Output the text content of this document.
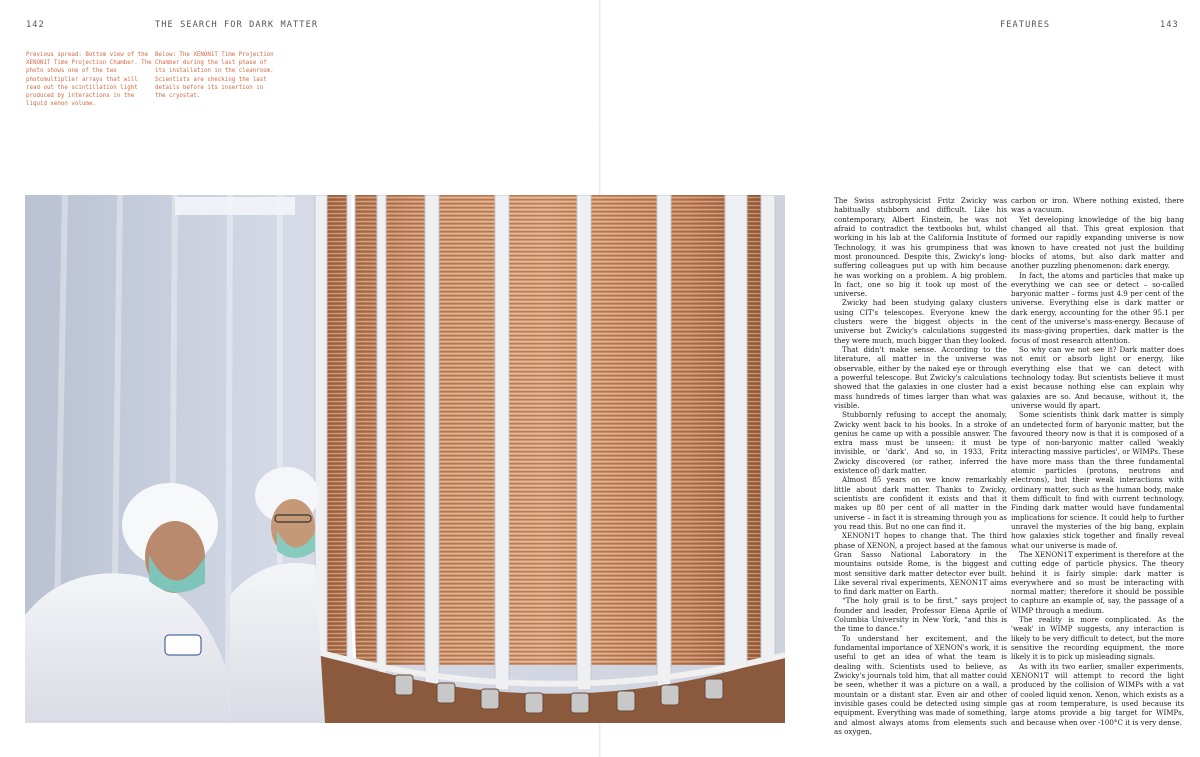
142	THE SEARCH FOR DARK MATTER
Previous spread: Bottom view of the XENON1T Time Projection Chamber. The photo shows one of the two photomultiplier arrays that will read out the scintillation light produced by interactions in the liquid xenon volume.
Below: The XENON1T Time Projection Chamber during the last phase of its installation in the cleanroom. Scientists are checking the last details before its insertion in the cryostat.
FEATURES	143

The Swiss astrophysicist Fritz Zwicky was habitually stubborn and difficult. Like his contemporary, Albert Einstein, he was not afraid to contradict the textbooks but, whilst working in his lab at the California Institute of Technology, it was his grumpiness that was most pronounced. Despite this, Zwicky's long-suffering colleagues put up with him because he was working on a problem. A big problem. In fact, one so big it took up most of the universe.

Zwicky had been studying galaxy clusters using CIT's telescopes. Everyone knew the clusters were the biggest objects in the universe but Zwicky's calculations suggested they were much, much bigger than they looked.

That didn't make sense. According to the literature, all matter in the universe was observable, either by the naked eye or through a powerful telescope. But Zwicky's calculations showed that the galaxies in one cluster had a mass hundreds of times larger than what was visible.

Stubbornly refusing to accept the anomaly, Zwicky went back to his books. In a stroke of genius he came up with a possible answer. The extra mass must be unseen: it must be invisible, or 'dark'. And so, in 1933, Fritz Zwicky discovered (or rather, inferred the existence of) dark matter.

Almost 85 years on we know remarkably little about dark matter. Thanks to Zwicky, scientists are confident it exists and that it makes up 80 per cent of all matter in the universe – in fact it is streaming through you as you read this. But no one can find it.

XENON1T hopes to change that. The third phase of XENON, a project based at the famous Gran Sasso National Laboratory in the mountains outside Rome, is the biggest and most sensitive dark matter detector ever built. Like several rival experiments, XENON1T aims to find dark matter on Earth.

“The holy grail is to be first,” says project founder and leader, Professor Elena Aprile of Columbia University in New York, “and this is the time to dance.”

To understand her excitement, and the fundamental importance of XENON's work, it is useful to get an idea of what the team is dealing with. Scientists used to believe, as Zwicky's journals told him, that all matter could be seen, whether it was a picture on a wall, a mountain or a distant star. Even air and other invisible gases could be detected using simple equipment. Everything was made of something, and almost always atoms from elements such as oxygen,

carbon or iron. Where nothing existed, there was a vacuum.

Yet developing knowledge of the big bang changed all that. This great explosion that formed our rapidly expanding universe is now known to have created not just the building blocks of atoms, but also dark matter and another puzzling phenomenon: dark energy.

In fact, the atoms and particles that make up everything we can see or detect – so-called baryonic matter – forms just 4.9 per cent of the universe. Everything else is dark matter or dark energy, accounting for the other 95.1 per cent of the universe's mass-energy. Because of its mass-giving properties, dark matter is the focus of most research attention.

So why can we not see it? Dark matter does not emit or absorb light or energy, like everything else that we can detect with technology today. But scientists believe it must exist because nothing else can explain why galaxies are so. And because, without it, the universe would fly apart.

Some scientists think dark matter is simply an undetected form of baryonic matter, but the favoured theory now is that it is composed of a type of non-baryonic matter called 'weakly interacting massive particles', or WIMPs. These have more mass than the three fundamental atomic particles (protons, neutrons and electrons), but their weak interactions with ordinary matter, such as the human body, make them difficult to find with current technology. Finding dark matter would have fundamental implications for science. It could help to further unravel the mysteries of the big bang, explain how galaxies stick together and finally reveal what our universe is made of.

The XENON1T experiment is therefore at the cutting edge of particle physics. The theory behind it is fairly simple: dark matter is everywhere and so must be interacting with normal matter; therefore it should be possible to capture an example of, say, the passage of a WIMP through a medium.

The reality is more complicated. As the 'weak' in WIMP suggests, any interaction is likely to be very difficult to detect, but the more sensitive the recording equipment, the more likely it is to pick up misleading signals.

As with its two earlier, smaller experiments, XENON1T will attempt to record the light produced by the collision of WIMPs with a vat of cooled liquid xenon. Xenon, which exists as a gas at room temperature, is used because its large atoms provide a big target for WIMPs, and because when over -100°C it is very dense.
